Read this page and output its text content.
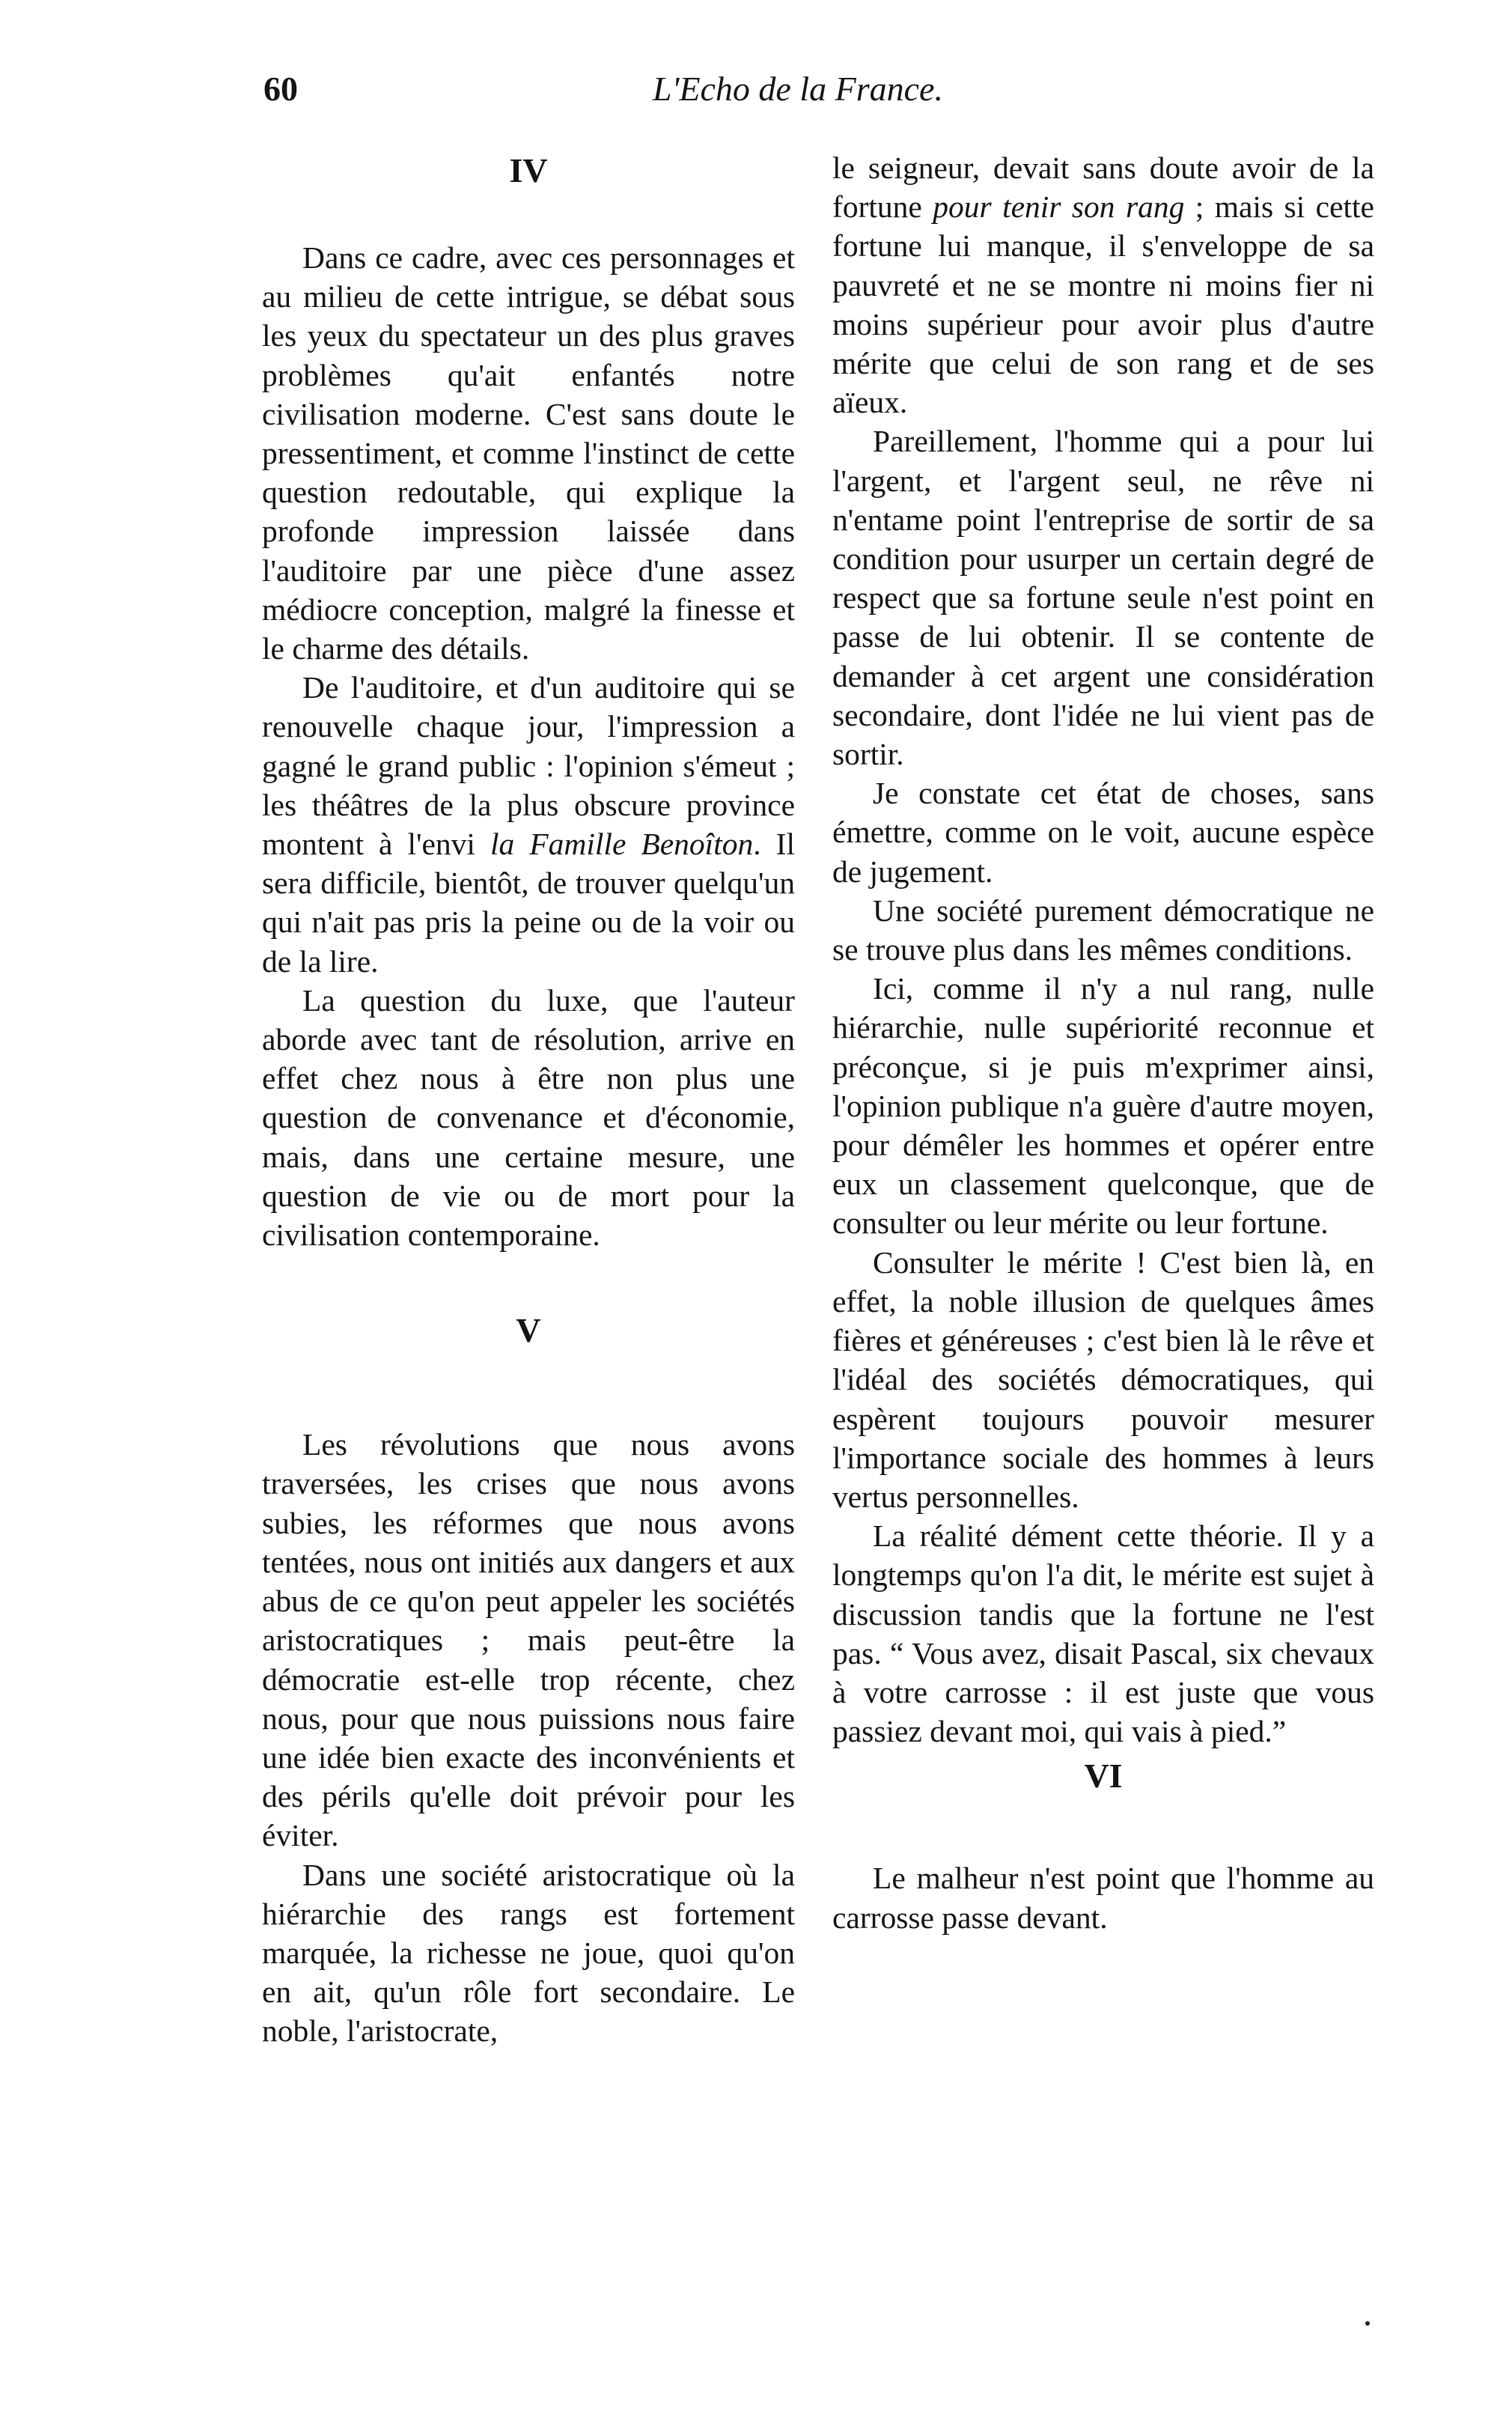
60	L'Echo de la France.
IV

Dans ce cadre, avec ces personnages et au milieu de cette intrigue, se débat sous les yeux du spectateur un des plus graves problèmes qu'ait enfantés notre civilisation moderne. C'est sans doute le pressentiment, et comme l'instinct de cette question redoutable, qui explique la profonde impression laissée dans l'auditoire par une pièce d'une assez médiocre conception, malgré la finesse et le charme des détails.

De l'auditoire, et d'un auditoire qui se renouvelle chaque jour, l'impression a gagné le grand public : l'opinion s'émeut ; les théâtres de la plus obscure province montent à l'envi la Famille Benoîton. Il sera difficile, bientôt, de trouver quelqu'un qui n'ait pas pris la peine ou de la voir ou de la lire.

La question du luxe, que l'auteur aborde avec tant de résolution, arrive en effet chez nous à être non plus une question de convenance et d'économie, mais, dans une certaine mesure, une question de vie ou de mort pour la civilisation contemporaine.

V

Les révolutions que nous avons traversées, les crises que nous avons subies, les réformes que nous avons tentées, nous ont initiés aux dangers et aux abus de ce qu'on peut appeler les sociétés aristocratiques ; mais peut-être la démocratie est-elle trop récente, chez nous, pour que nous puissions nous faire une idée bien exacte des inconvénients et des périls qu'elle doit prévoir pour les éviter.

Dans une société aristocratique où la hiérarchie des rangs est fortement marquée, la richesse ne joue, quoi qu'on en ait, qu'un rôle fort secondaire. Le noble, l'aristocrate,

le seigneur, devait sans doute avoir de la fortune pour tenir son rang ; mais si cette fortune lui manque, il s'enveloppe de sa pauvreté et ne se montre ni moins fier ni moins supérieur pour avoir plus d'autre mérite que celui de son rang et de ses aïeux.

Pareillement, l'homme qui a pour lui l'argent, et l'argent seul, ne rêve ni n'entame point l'entreprise de sortir de sa condition pour usurper un certain degré de respect que sa fortune seule n'est point en passe de lui obtenir. Il se contente de demander à cet argent une considération secondaire, dont l'idée ne lui vient pas de sortir.

Je constate cet état de choses, sans émettre, comme on le voit, aucune espèce de jugement.

Une société purement démocratique ne se trouve plus dans les mêmes conditions.

Ici, comme il n'y a nul rang, nulle hiérarchie, nulle supériorité reconnue et préconçue, si je puis m'exprimer ainsi, l'opinion publique n'a guère d'autre moyen, pour démêler les hommes et opérer entre eux un classement quelconque, que de consulter ou leur mérite ou leur fortune.

Consulter le mérite ! C'est bien là, en effet, la noble illusion de quelques âmes fières et généreuses ; c'est bien là le rêve et l'idéal des sociétés démocratiques, qui espèrent toujours pouvoir mesurer l'importance sociale des hommes à leurs vertus personnelles.

La réalité dément cette théorie. Il y a longtemps qu'on l'a dit, le mérite est sujet à discussion tandis que la fortune ne l'est pas. “ Vous avez, disait Pascal, six chevaux à votre carrosse : il est juste que vous passiez devant moi, qui vais à pied.”

VI

Le malheur n'est point que l'homme au carrosse passe devant.
